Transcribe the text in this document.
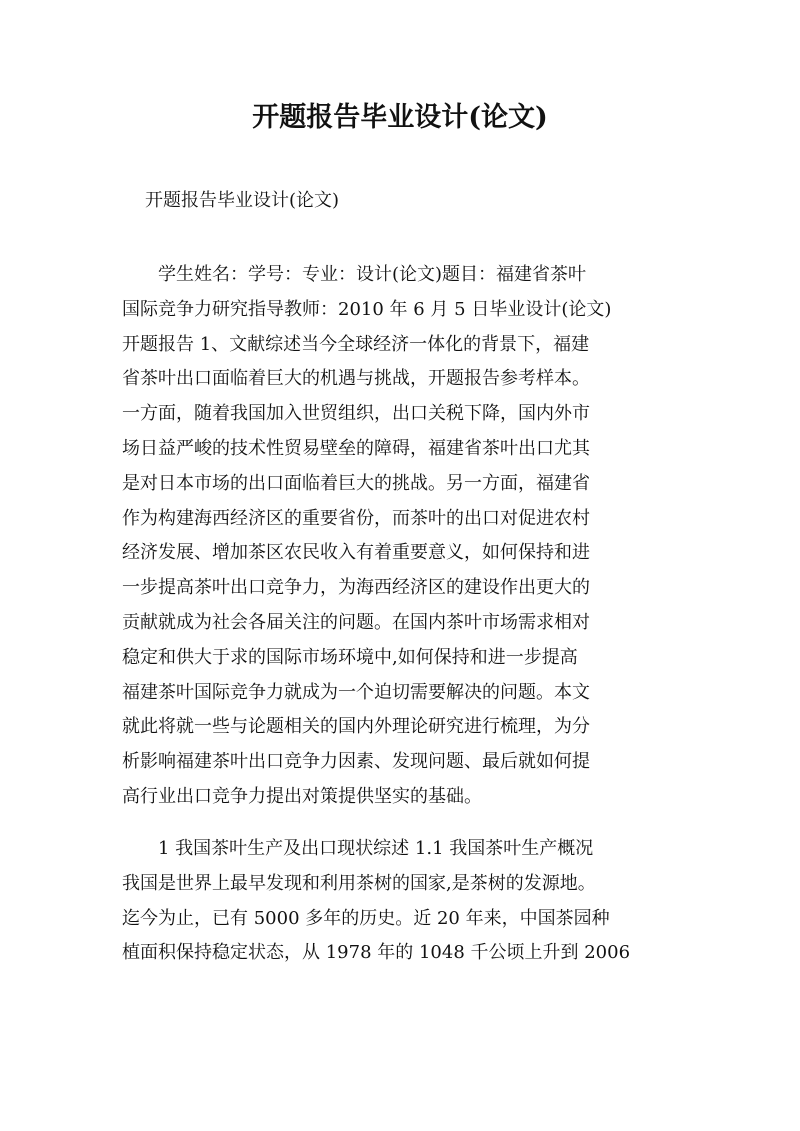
开题报告毕业设计(论文)

开题报告毕业设计(论文)

　　学生姓名：学号：专业：设计(论文)题目：福建省茶叶
国际竞争力研究指导教师：2010 年 6 月 5 日毕业设计(论文)
开题报告 1、文献综述当今全球经济一体化的背景下，福建
省茶叶出口面临着巨大的机遇与挑战，开题报告参考样本。
一方面，随着我国加入世贸组织，出口关税下降，国内外市
场日益严峻的技术性贸易壁垒的障碍，福建省茶叶出口尤其
是对日本市场的出口面临着巨大的挑战。另一方面，福建省
作为构建海西经济区的重要省份，而茶叶的出口对促进农村
经济发展、增加茶区农民收入有着重要意义，如何保持和进
一步提高茶叶出口竞争力，为海西经济区的建设作出更大的
贡献就成为社会各届关注的问题。在国内茶叶市场需求相对
稳定和供大于求的国际市场环境中,如何保持和进一步提高
福建茶叶国际竞争力就成为一个迫切需要解决的问题。本文
就此将就一些与论题相关的国内外理论研究进行梳理，为分
析影响福建茶叶出口竞争力因素、发现问题、最后就如何提
高行业出口竞争力提出对策提供坚实的基础。
　　1 我国茶叶生产及出口现状综述 1.1 我国茶叶生产概况
我国是世界上最早发现和利用茶树的国家,是茶树的发源地。
迄今为止，已有 5000 多年的历史。近 20 年来，中国茶园种
植面积保持稳定状态，从 1978 年的 1048 千公顷上升到 2006
